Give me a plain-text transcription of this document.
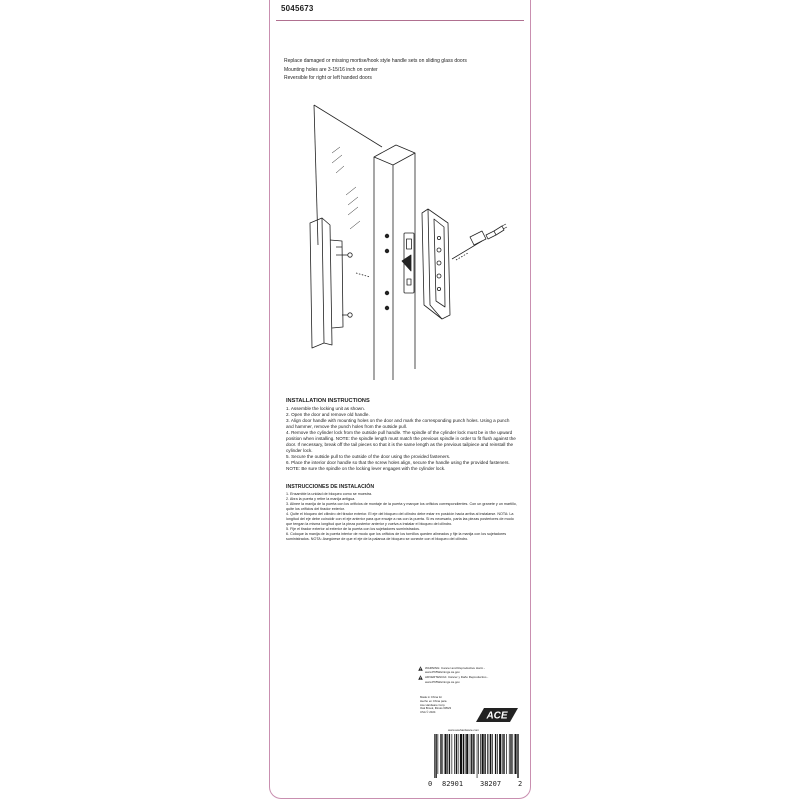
5045673
Replace damaged or missing mortise/hook style handle sets on sliding glass doors
Mounting holes are 3-15/16 inch on center
Reversible for right or left handed doors
INSTALLATION INSTRUCTIONS

1. Assemble the locking unit as shown.

2. Open the door and remove old handle.

3. Align door handle with mounting holes on the door and mark the corresponding punch holes. Using a punch and hammer, remove the punch holes from the outside pull.

4. Remove the cylinder lock from the outside pull handle. The spindle of the cylinder lock must be in the upward position when installing. NOTE: the spindle length must match the previous spindle in order to fit flush against the door. If necessary, break off the tail pieces so that it is the same length as the previous tailpiece and reinstall the cylinder lock.

5. Secure the outside pull to the outside of the door using the provided fasteners.

6. Place the interior door handle so that the screw holes align, secure the handle using the provided fasteners. NOTE: Be sure the spindle on the locking lever engages with the cylinder lock.

INSTRUCCIONES DE INSTALACIÓN

1. Ensamble la unidad de bloqueo como se muestra.

2. Abra la puerta y retire la manija antigua.

3. Alinee la manija de la puerta con los orificios de montaje de la puerta y marque los orificios correspondientes. Con un granete y un martillo, quite los orificios del tirador exterior.

4. Quite el bloqueo del cilindro del tirador exterior. El eje del bloqueo del cilindro debe estar en posición hacia arriba al instalarse. NOTA: La longitud del eje debe coincidir con el eje anterior para que encaje a ras con la puerta. Si es necesario, parta las piezas posteriores de modo que tengan la misma longitud que la pieza posterior anterior y vuelva a instalar el bloqueo del cilindro.

5. Fije el tirador exterior al exterior de la puerta con los sujetadores suministrados.

6. Coloque la manija de la puerta interior de modo que los orificios de los tornillos queden alineados y fije la manija con los sujetadores suministrados. NOTA: Asegúrese de que el eje de la palanca de bloqueo se conecte con el bloqueo del cilindro.

WARNING: Cancer and Reproductive Harm - www.P65Warnings.ca.gov
ADVERTENCIA: Cáncer y Daño Reproductivo - www.P65Warnings.ca.gov
Made in China for
Hecho en China para
Ace Hardware Corp.
Oak Brook, Illinois 60523
USA © 2024	ACE
www.acehardware.com
0 82901 38207 2
